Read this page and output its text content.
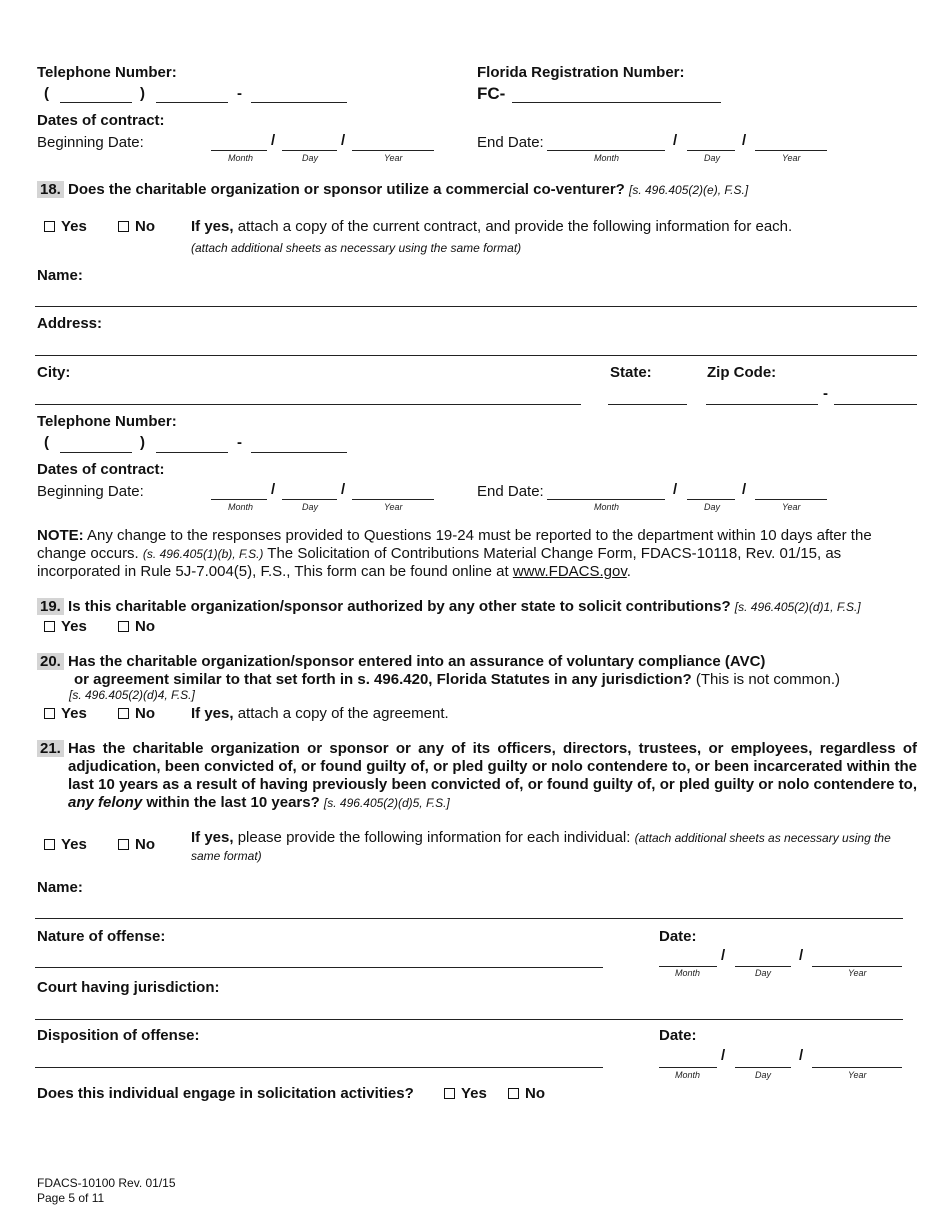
Telephone Number:
(	)	-
Florida Registration Number:
FC-
Dates of contract:
Beginning Date:	/	/
Month	Day	Year
End Date:	/	/
Month	Day	Year
18. Does the charitable organization or sponsor utilize a commercial co-venturer? [s. 496.405(2)(e), F.S.]
Yes	No If yes, attach a copy of the current contract, and provide the following information for each.
(attach additional sheets as necessary using the same format)
Name:
Address:
City:	State:	Zip Code:
-
Telephone Number:
(	)	-
Dates of contract:
Beginning Date:	/	/
Month	Day	Year
End Date:	/	/
Month	Day	Year
NOTE: Any change to the responses provided to Questions 19-24 must be reported to the department within 10 days after the change occurs. (s. 496.405(1)(b), F.S.) The Solicitation of Contributions Material Change Form, FDACS-10118, Rev. 01/15, as incorporated in Rule 5J-7.004(5), F.S., This form can be found online at www.FDACS.gov.
19. Is this charitable organization/sponsor authorized by any other state to solicit contributions? [s. 496.405(2)(d)1, F.S.]
Yes	No
20. Has the charitable organization/sponsor entered into an assurance of voluntary compliance (AVC)
or agreement similar to that set forth in s. 496.420, Florida Statutes in any jurisdiction? (This is not common.)
[s. 496.405(2)(d)4, F.S.]
Yes	No If yes, attach a copy of the agreement.
21. Has the charitable organization or sponsor or any of its officers, directors, trustees, or employees, regardless of adjudication, been convicted of, or found guilty of, or pled guilty or nolo contendere to, or been incarcerated within the last 10 years as a result of having previously been convicted of, or found guilty of, or pled guilty or nolo contendere to, any felony within the last 10 years? [s. 496.405(2)(d)5, F.S.]
Yes	No If yes, please provide the following information for each individual: (attach additional sheets as necessary using the same format)
Name:
Nature of offense:	Date:
/	/
Month	Day	Year
Court having jurisdiction:
Disposition of offense:	Date:
/	/
Month	Day	Year
Does this individual engage in solicitation activities?	Yes	No
FDACS-10100 Rev. 01/15
Page 5 of 11
